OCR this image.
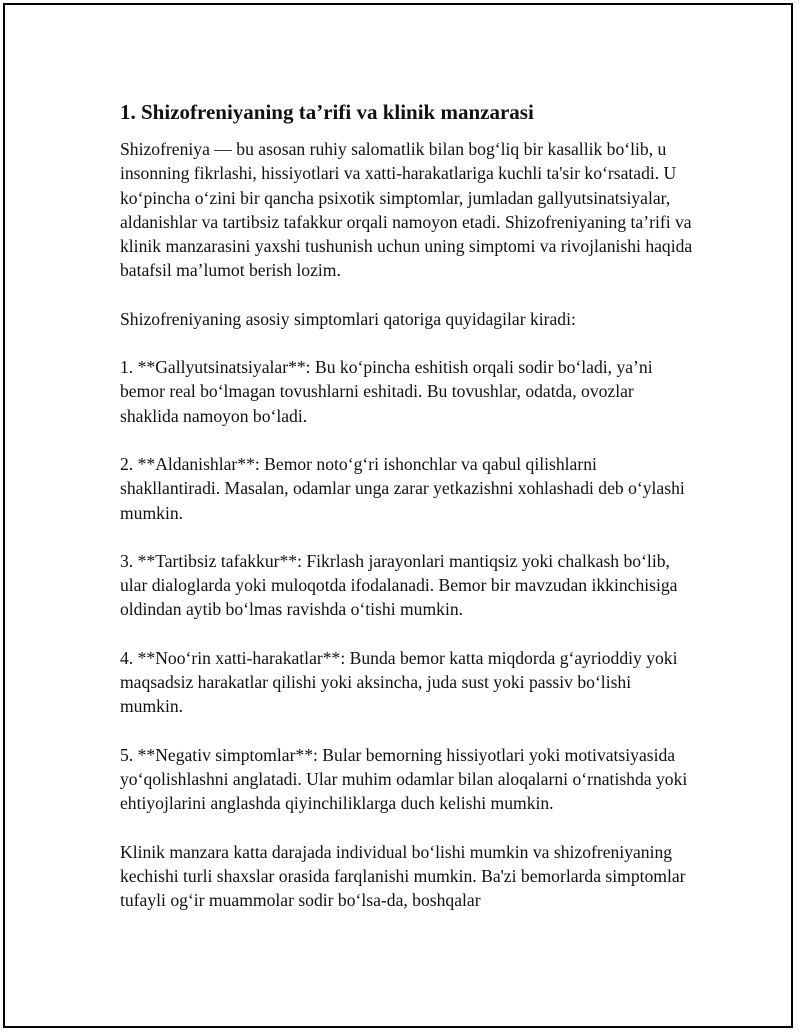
1. Shizofreniyaning ta’rifi va klinik manzarasi

Shizofreniya — bu asosan ruhiy salomatlik bilan bog‘liq bir kasallik bo‘lib, u insonning fikrlashi, hissiyotlari va xatti-harakatlariga kuchli ta'sir ko‘rsatadi. U ko‘pincha o‘zini bir qancha psixotik simptomlar, jumladan gallyutsinatsiyalar, aldanishlar va tartibsiz tafakkur orqali namoyon etadi. Shizofreniyaning ta’rifi va klinik manzarasini yaxshi tushunish uchun uning simptomi va rivojlanishi haqida batafsil ma’lumot berish lozim.

Shizofreniyaning asosiy simptomlari qatoriga quyidagilar kiradi:

1. **Gallyutsinatsiyalar**: Bu ko‘pincha eshitish orqali sodir bo‘ladi, ya’ni bemor real bo‘lmagan tovushlarni eshitadi. Bu tovushlar, odatda, ovozlar shaklida namoyon bo‘ladi.

2. **Aldanishlar**: Bemor noto‘g‘ri ishonchlar va qabul qilishlarni shakllantiradi. Masalan, odamlar unga zarar yetkazishni xohlashadi deb o‘ylashi mumkin.

3. **Tartibsiz tafakkur**: Fikrlash jarayonlari mantiqsiz yoki chalkash bo‘lib, ular dialoglarda yoki muloqotda ifodalanadi. Bemor bir mavzudan ikkinchisiga oldindan aytib bo‘lmas ravishda o‘tishi mumkin.

4. **Noo‘rin xatti-harakatlar**: Bunda bemor katta miqdorda g‘ayrioddiy yoki maqsadsiz harakatlar qilishi yoki aksincha, juda sust yoki passiv bo‘lishi mumkin.

5. **Negativ simptomlar**: Bular bemorning hissiyotlari yoki motivatsiyasida yo‘qolishlashni anglatadi. Ular muhim odamlar bilan aloqalarni o‘rnatishda yoki ehtiyojlarini anglashda qiyinchiliklarga duch kelishi mumkin.

Klinik manzara katta darajada individual bo‘lishi mumkin va shizofreniyaning kechishi turli shaxslar orasida farqlanishi mumkin. Ba'zi bemorlarda simptomlar tufayli og‘ir muammolar sodir bo‘lsa-da, boshqalar
